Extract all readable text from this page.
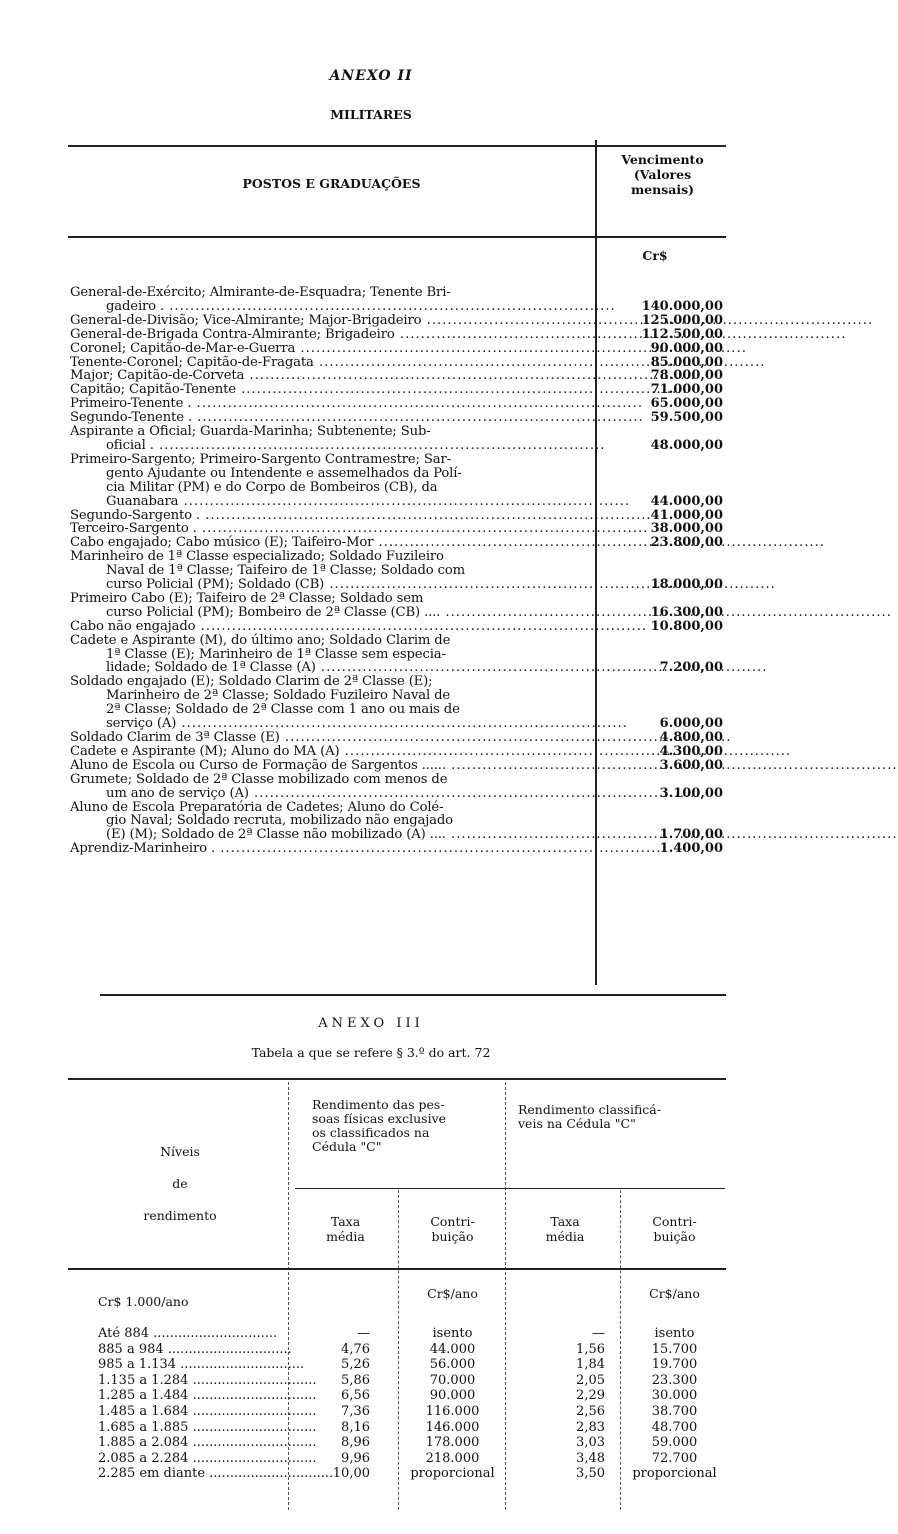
ANEXO II
MILITARES
POSTOS E GRADUAÇÕES
Vencimento
(Valores
mensais)
Cr$
General-de-Exército; Almirante-de-Esquadra; Tenente Bri-
gadeiro . .....	140.000,00
General-de-Divisão; Vice-Almirante; Major-Brigadeiro .....	125.000,00
General-de-Brigada Contra-Almirante; Brigadeiro .....	112.500,00
Coronel; Capitão-de-Mar-e-Guerra .....	90.000,00
Tenente-Coronel; Capitão-de-Fragata .....	85.000,00
Major; Capitão-de-Corveta .....	78.000,00
Capitão; Capitão-Tenente .....	71.000,00
Primeiro-Tenente . .....	65.000,00
Segundo-Tenente . .....	59.500,00
Aspirante a Oficial; Guarda-Marinha; Subtenente; Sub-
oficial . .....	48.000,00
Primeiro-Sargento; Primeiro-Sargento Contramestre; Sar-
gento Ajudante ou Intendente e assemelhados da Polí-
cia Militar (PM) e do Corpo de Bombeiros (CB), da
Guanabara .....	44.000,00
Segundo-Sargento . .....	41.000,00
Terceiro-Sargento . .....	38.000,00
Cabo engajado; Cabo músico (E); Taifeiro-Mor .....	23.800,00
Marinheiro de 1ª Classe especializado; Soldado Fuzileiro
Naval de 1ª Classe; Taifeiro de 1ª Classe; Soldado com
curso Policial (PM); Soldado (CB) .....	18.000,00
Primeiro Cabo (E); Taifeiro de 2ª Classe; Soldado sem
curso Policial (PM); Bombeiro de 2ª Classe (CB) .... .....	16.300,00
Cabo não engajado .....	10.800,00
Cadete e Aspirante (M), do último ano; Soldado Clarim de
1ª Classe (E); Marinheiro de 1ª Classe sem especia-
lidade; Soldado de 1ª Classe (A) .....	7.200,00
Soldado engajado (E); Soldado Clarim de 2ª Classe (E);
Marinheiro de 2ª Classe; Soldado Fuzileiro Naval de
2ª Classe; Soldado de 2ª Classe com 1 ano ou mais de
serviço (A) .....	6.000,00
Soldado Clarim de 3ª Classe (E) .....	4.800,00
Cadete e Aspirante (M); Aluno do MA (A) .....	4.300,00
Aluno de Escola ou Curso de Formação de Sargentos ...... .....	3.600,00
Grumete; Soldado de 2ª Classe mobilizado com menos de
um ano de serviço (A) .....	3.100,00
Aluno de Escola Preparatória de Cadetes; Aluno do Colé-
gio Naval; Soldado recruta, mobilizado não engajado
(E) (M); Soldado de 2ª Classe não mobilizado (A) .... .....	1.700,00
Aprendiz-Marinheiro . .....	1.400,00
ANEXO III
Tabela a que se refere § 3.º do art. 72
Níveis
de
rendimento
Rendimento das pes-
soas físicas exclusive
os classificados na
Cédula "C"
Rendimento classificá-
veis na Cédula "C"
Taxa
média
Contri-
buição
Taxa
média
Contri-
buição
Cr$ 1.000/ano
Cr$/ano	Cr$/ano
Até 884 ..............................	—	isento	—	isento
885 a 984 ..............................	4,76	44.000	1,56	15.700
985 a 1.134 ..............................	5,26	56.000	1,84	19.700
1.135 a 1.284 ..............................	5,86	70.000	2,05	23.300
1.285 a 1.484 ..............................	6,56	90.000	2,29	30.000
1.485 a 1.684 ..............................	7,36	116.000	2,56	38.700
1.685 a 1.885 ..............................	8,16	146.000	2,83	48.700
1.885 a 2.084 ..............................	8,96	178.000	3,03	59.000
2.085 a 2.284 ..............................	9,96	218.000	3,48	72.700
2.285 em diante .............................. 10,00	proporcional	3,50	proporcional
